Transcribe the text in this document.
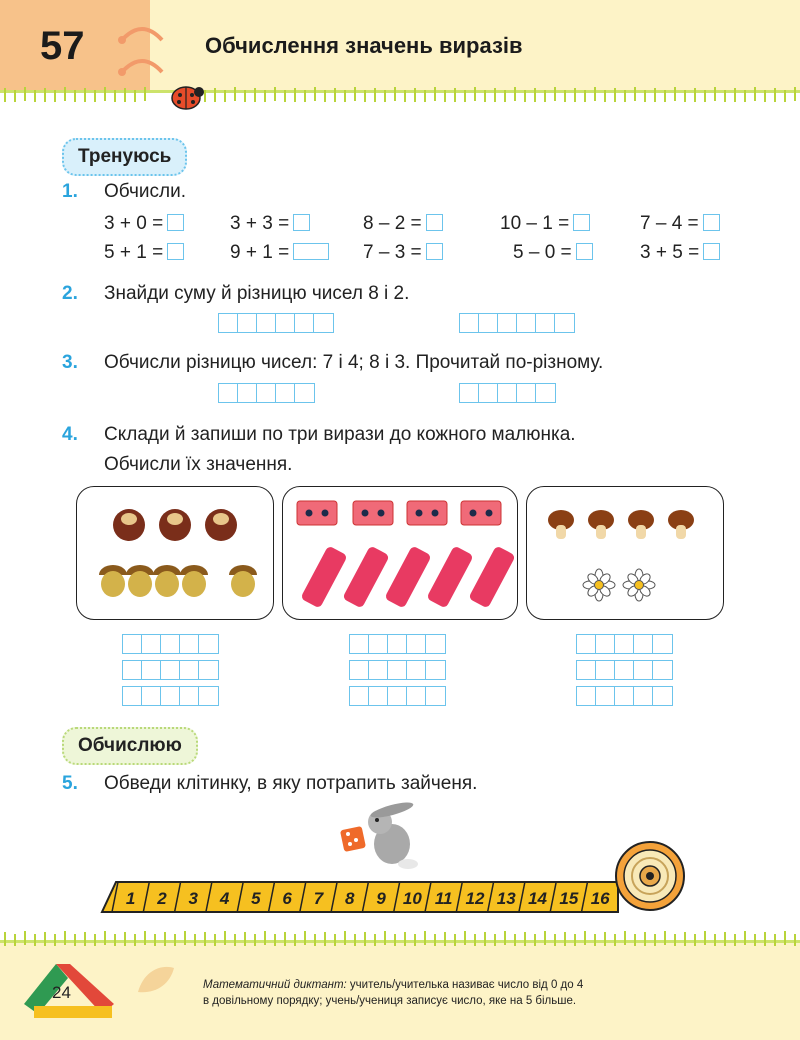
57	Обчислення значень виразів
Тренуюсь
1. Обчисли.
3 + 0 =	3 + 3 =	8 – 2 =	10 – 1 =	7 – 4 =
5 + 1 =	9 + 1 =	7 – 3 =	5 – 0 =	3 + 5 =
2. Знайди суму й різницю чисел 8 і 2.
3. Обчисли різницю чисел: 7 і 4; 8 і 3. Прочитай по-різному.
4. Склади й запиши по три вирази до кожного малюнка.
Обчисли їх значення.
Обчислюю
5. Обведи клітинку, в яку потрапить зайченя.
1 2 3 4 5 6 7 8 9 10 11 12 13 14 15 16
24	Математичний диктант: учитель/учителька називає число від 0 до 4
в довільному порядку; учень/учениця записує число, яке на 5 більше.
